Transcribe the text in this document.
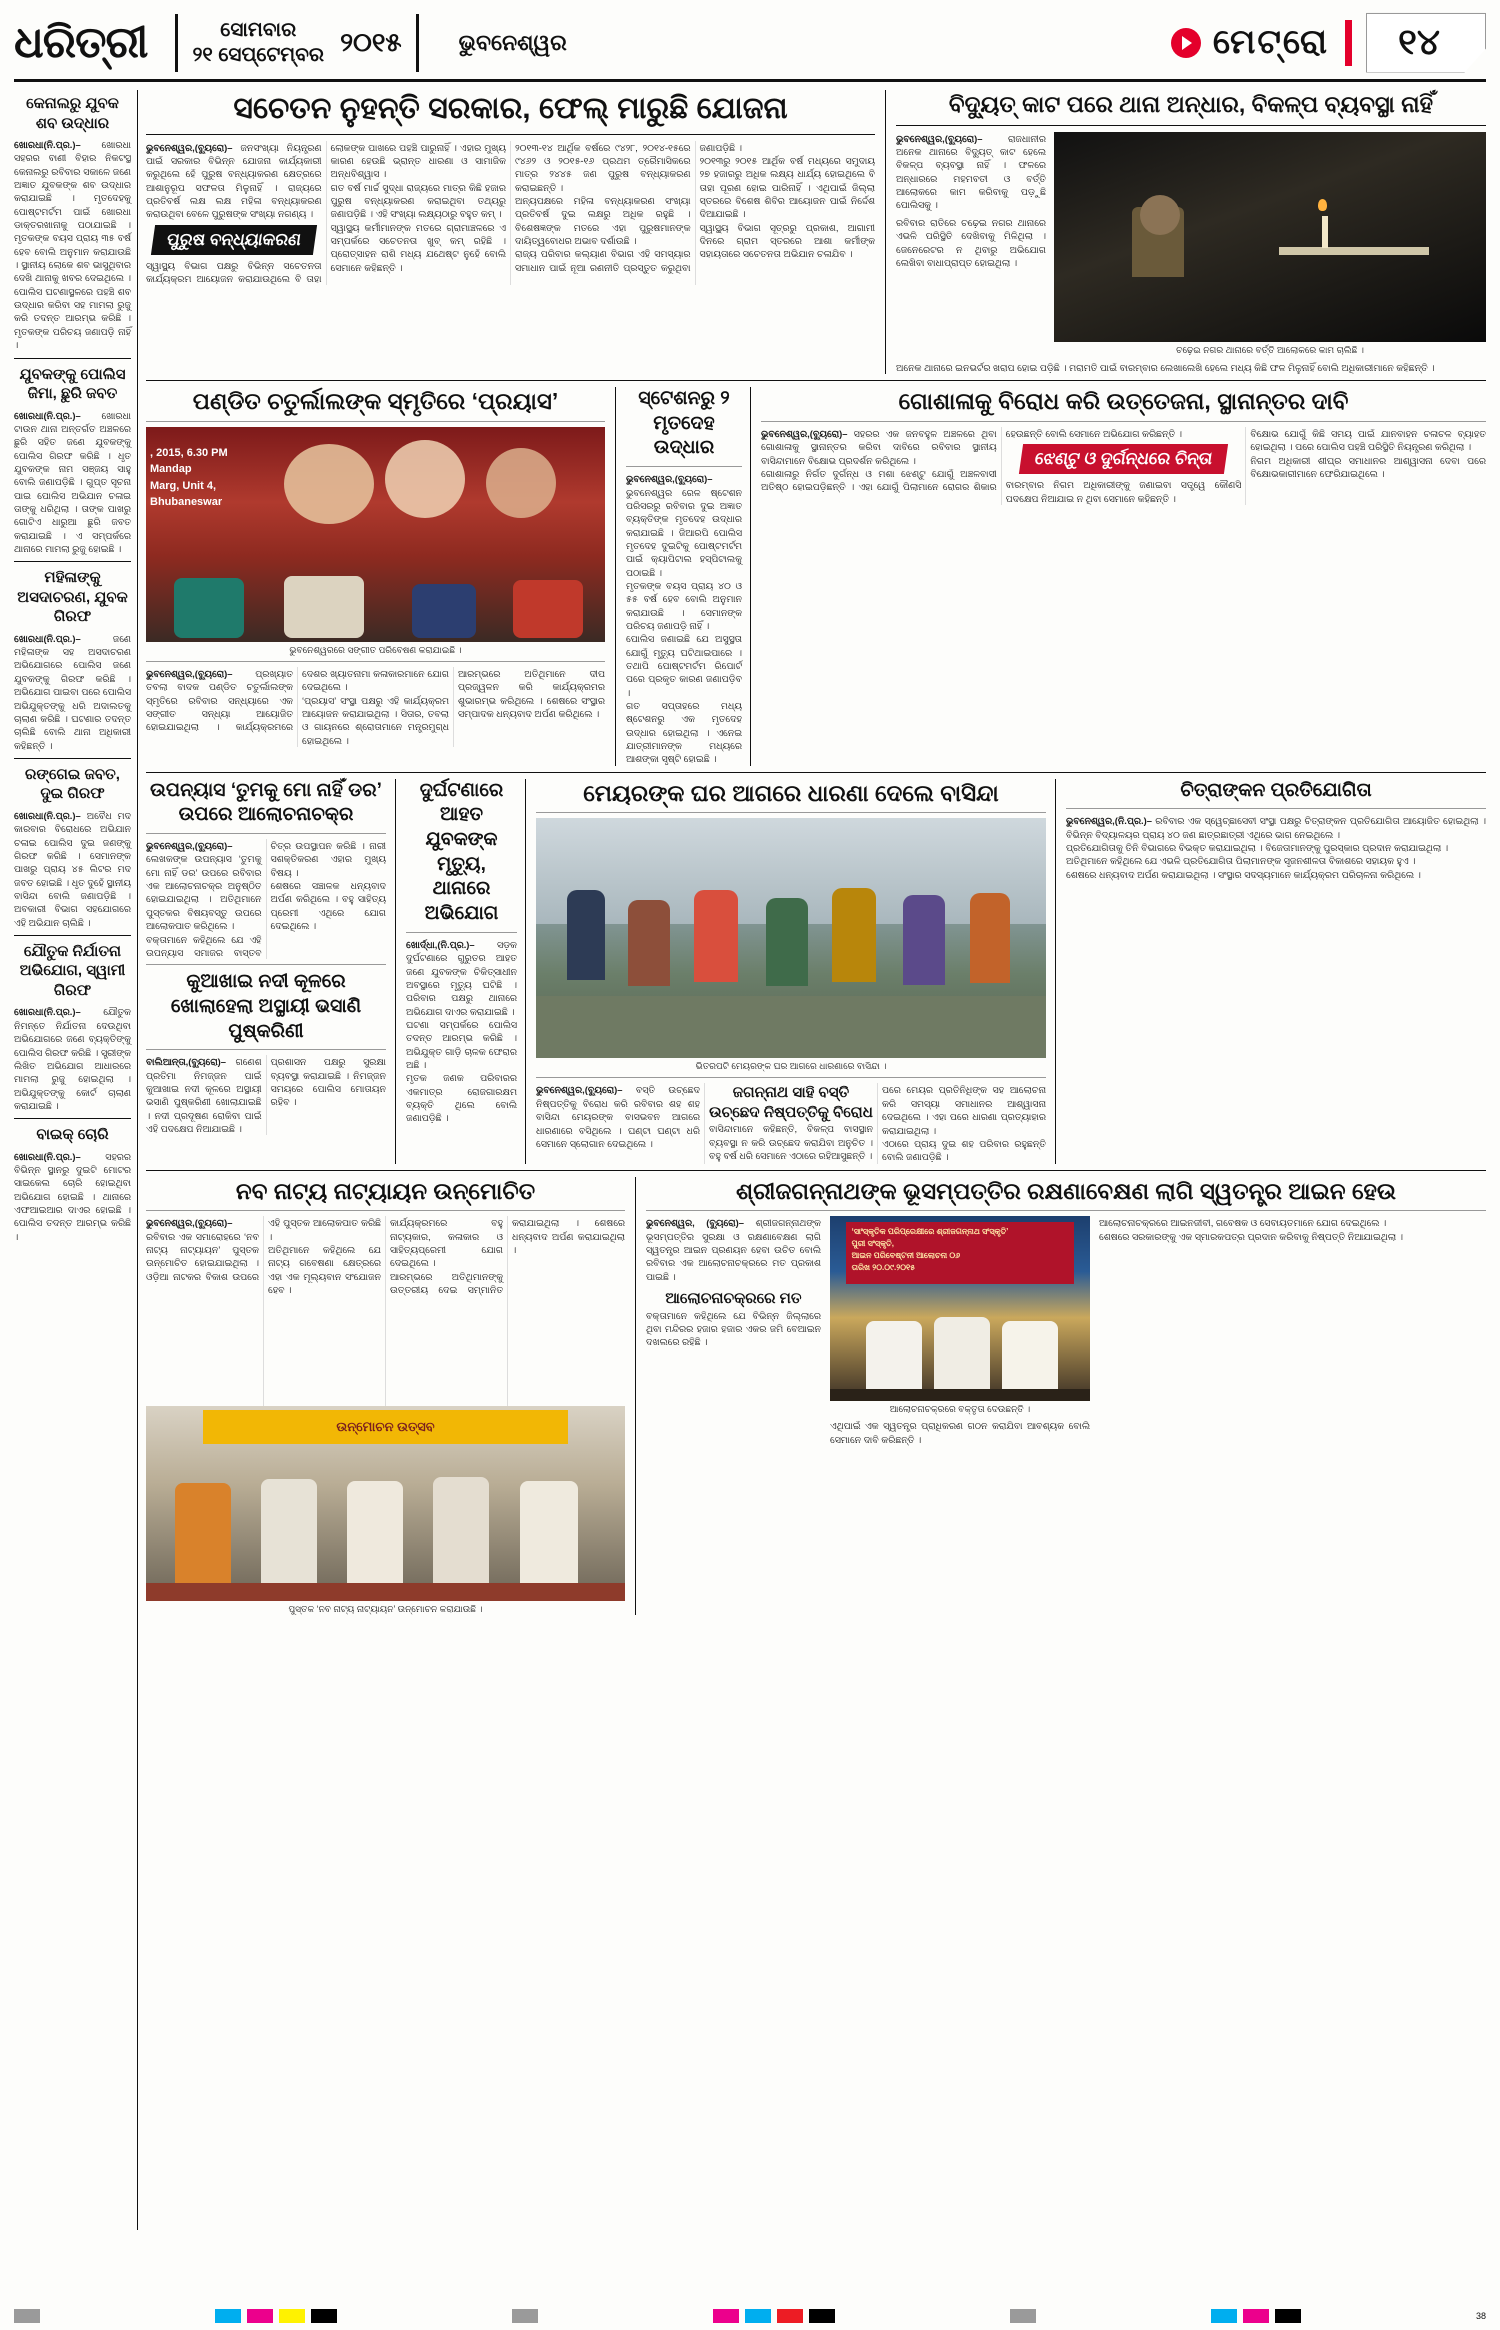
ଧରିତ୍ରୀ	ସୋମବାର
୨୧ ସେପ୍ଟେମ୍ବର ୨୦୧୫	ଭୁବନେଶ୍ୱର	ମେଟ୍ରୋ	୧୪
କେନାଲରୁ ଯୁବକ ଶବ ଉଦ୍ଧାର
ଖୋରଧା(ନି.ପ୍ର.)– ଖୋରଧା ସହରର ବାଣୀ ବିହାର ନିକଟସ୍ଥ କେନାଲରୁ ରବିବାର ସକାଳେ ଜଣେ ଅଜ୍ଞାତ ଯୁବକଙ୍କ ଶବ ଉଦ୍ଧାର କରାଯାଇଛି । ମୃତଦେହକୁ ପୋଷ୍ଟମର୍ଟମ ପାଇଁ ଖୋରଧା ଡାକ୍ତରଖାନାକୁ ପଠାଯାଇଛି । ମୃତକଙ୍କ ବୟସ ପ୍ରାୟ ୩୫ ବର୍ଷ ହେବ ବୋଲି ଅନୁମାନ କରାଯାଉଛି । ସ୍ଥାନୀୟ ଲୋକେ ଶବ ଭାସୁଥିବାର ଦେଖି ଥାନାକୁ ଖବର ଦେଇଥିଲେ । ପୋଲିସ ଘଟଣାସ୍ଥଳରେ ପହଞ୍ଚି ଶବ ଉଦ୍ଧାର କରିବା ସହ ମାମଲା ରୁଜୁ କରି ତଦନ୍ତ ଆରମ୍ଭ କରିଛି । ମୃତକଙ୍କ ପରିଚୟ ଜଣାପଡ଼ି ନାହିଁ ।
ଯୁବକଙ୍କୁ ପୋଲିସ ଜିମା, ଛୁରି ଜବତ
ଖୋରଧା(ନି.ପ୍ର.)– ଖୋରଧା ଟାଉନ ଥାନା ଅନ୍ତର୍ଗତ ଅଞ୍ଚଳରେ ଛୁରି ସହିତ ଜଣେ ଯୁବକଙ୍କୁ ପୋଲିସ ଗିରଫ କରିଛି । ଧୃତ ଯୁବକଙ୍କ ନାମ ସଞ୍ଜୟ ସାହୁ ବୋଲି ଜଣାପଡ଼ିଛି । ଗୁପ୍ତ ସୂଚନା ପାଇ ପୋଲିସ ଅଭିଯାନ ଚଳାଇ ତାଙ୍କୁ ଧରିଥିଲା । ତାଙ୍କ ପାଖରୁ ଗୋଟିଏ ଧାରୁଆ ଛୁରି ଜବତ କରାଯାଇଛି । ଏ ସମ୍ପର୍କରେ ଥାନାରେ ମାମଲା ରୁଜୁ ହୋଇଛି ।
ମହିଳାଙ୍କୁ ଅସଦାଚରଣ, ଯୁବକ ଗିରଫ
ଖୋରଧା(ନି.ପ୍ର.)–	ଜଣେ ମହିଳାଙ୍କ ସହ ଅସଦାଚରଣ ଅଭିଯୋଗରେ ପୋଲିସ ଜଣେ ଯୁବକଙ୍କୁ ଗିରଫ କରିଛି । ଅଭିଯୋଗ ପାଇବା ପରେ ପୋଲିସ ଅଭିଯୁକ୍ତଙ୍କୁ ଧରି ଅଦାଲତକୁ ଚାଲାଣ କରିଛି । ଘଟଣାର ତଦନ୍ତ ଚାଲିଛି ବୋଲି ଥାନା ଅଧିକାରୀ କହିଛନ୍ତି ।
ରଙ୍ଗେଇ ଜବତ, ଦୁଇ ଗିରଫ
ଖୋରଧା(ନି.ପ୍ର.)– ଅବୈଧ ମଦ କାରବାର ବିରୋଧରେ ଅଭିଯାନ ଚଳାଇ ପୋଲିସ ଦୁଇ ଜଣଙ୍କୁ ଗିରଫ କରିଛି । ସେମାନଙ୍କ ପାଖରୁ ପ୍ରାୟ ୪୫ ଲିଟର ମଦ ଜବତ ହୋଇଛି । ଧୃତ ଦୁହେଁ ସ୍ଥାନୀୟ ବାସିନ୍ଦା ବୋଲି ଜଣାପଡ଼ିଛି । ଅବକାରୀ ବିଭାଗ ସହଯୋଗରେ ଏହି ଅଭିଯାନ ଚାଲିଛି ।
ଯୌତୁକ ନିର୍ଯାତନା ଅଭିଯୋଗ, ସ୍ୱାମୀ ଗିରଫ
ଖୋରଧା(ନି.ପ୍ର.)– ଯୌତୁକ ନିମନ୍ତେ ନିର୍ଯାତନା ଦେଉଥିବା ଅଭିଯୋଗରେ ଜଣେ ବ୍ୟକ୍ତିଙ୍କୁ ପୋଲିସ ଗିରଫ କରିଛି । ସ୍ତ୍ରୀଙ୍କ ଲିଖିତ ଅଭିଯୋଗ ଆଧାରରେ ମାମଲା ରୁଜୁ ହୋଇଥିଲା । ଅଭିଯୁକ୍ତଙ୍କୁ କୋର୍ଟ ଚାଲାଣ କରାଯାଇଛି ।
ବାଇକ୍ ଚୋରି
ଖୋରଧା(ନି.ପ୍ର.)–	ସହରର ବିଭିନ୍ନ ସ୍ଥାନରୁ ଦୁଇଟି ମୋଟର ସାଇକେଲ ଚୋରି ହୋଇଥିବା ଅଭିଯୋଗ ହୋଇଛି । ଥାନାରେ ଏଫଆଇଆର ଦାଏର ହୋଇଛି । ପୋଲିସ ତଦନ୍ତ ଆରମ୍ଭ କରିଛି ।
ସଚେତନ ନୁହନ୍ତି ସରକାର, ଫେଲ୍ ମାରୁଛି ଯୋଜନା
ଭୁବନେଶ୍ୱର,(ବ୍ୟୁରୋ)– ଜନସଂଖ୍ୟା ନିୟନ୍ତ୍ରଣ ପାଇଁ ସରକାର ବିଭିନ୍ନ ଯୋଜନା କାର୍ଯ୍ୟକାରୀ କରୁଥିଲେ ହେଁ ପୁରୁଷ ବନ୍ଧ୍ୟାକରଣ କ୍ଷେତ୍ରରେ ଆଶାନୁରୂପ ସଫଳତା ମିଳୁନାହିଁ । ରାଜ୍ୟରେ ପ୍ରତିବର୍ଷ ଲକ୍ଷ ଲକ୍ଷ ମହିଳା ବନ୍ଧ୍ୟାକରଣ କରାଉଥିବା ବେଳେ ପୁରୁଷଙ୍କ ସଂଖ୍ୟା ନଗଣ୍ୟ ।
ପୁରୁଷ ବନ୍ଧ୍ୟାକରଣ
ସ୍ୱାସ୍ଥ୍ୟ ବିଭାଗ ପକ୍ଷରୁ ବିଭିନ୍ନ ସଚେତନତା କାର୍ଯ୍ୟକ୍ରମ ଆୟୋଜନ କରାଯାଉଥିଲେ ବି ତାହା ଲୋକଙ୍କ ପାଖରେ ପହଞ୍ଚି ପାରୁନାହିଁ । ଏହାର ମୁଖ୍ୟ କାରଣ ହେଉଛି ଭ୍ରାନ୍ତ ଧାରଣା ଓ ସାମାଜିକ ଅନ୍ଧବିଶ୍ୱାସ ।
ଗତ ବର୍ଷ ମାର୍ଚ୍ଚ ସୁଦ୍ଧା ରାଜ୍ୟରେ ମାତ୍ର କିଛି ହଜାର ପୁରୁଷ ବନ୍ଧ୍ୟାକରଣ କରାଇଥିବା ତଥ୍ୟରୁ ଜଣାପଡ଼ିଛି । ଏହି ସଂଖ୍ୟା ଲକ୍ଷ୍ୟଠାରୁ ବହୁତ କମ୍ ।
ସ୍ୱାସ୍ଥ୍ୟ କର୍ମୀମାନଙ୍କ ମତରେ ଗ୍ରାମାଞ୍ଚଳରେ ଏ ସମ୍ପର୍କରେ ସଚେତନତା ଖୁବ୍ କମ୍ ରହିଛି । ପ୍ରୋତ୍ସାହନ ରାଶି ମଧ୍ୟ ଯଥେଷ୍ଟ ନୁହେଁ ବୋଲି ସେମାନେ କହିଛନ୍ତି ।
୨୦୧୩-୧୪ ଆର୍ଥିକ ବର୍ଷରେ ୯୪୨୮, ୨୦୧୪-୧୫ରେ ୯୪୬୨ ଓ ୨୦୧୫-୧୬ ପ୍ରଥମ ତ୍ରୈମାସିକରେ ମାତ୍ର ୨୪୪୫ ଜଣ ପୁରୁଷ ବନ୍ଧ୍ୟାକରଣ କରାଇଛନ୍ତି ।
ଅନ୍ୟପକ୍ଷରେ ମହିଳା ବନ୍ଧ୍ୟାକରଣ ସଂଖ୍ୟା ପ୍ରତିବର୍ଷ ଦୁଇ ଲକ୍ଷରୁ ଅଧିକ ରହୁଛି । ବିଶେଷଜ୍ଞଙ୍କ ମତରେ ଏହା ପୁରୁଷମାନଙ୍କ ଦାୟିତ୍ୱବୋଧର ଅଭାବ ଦର୍ଶାଉଛି ।
ରାଜ୍ୟ ପରିବାର କଲ୍ୟାଣ ବିଭାଗ ଏହି ସମସ୍ୟାର ସମାଧାନ ପାଇଁ ନୂଆ ରଣନୀତି ପ୍ରସ୍ତୁତ କରୁଥିବା ଜଣାପଡ଼ିଛି ।
୨୦୧୩ରୁ ୨୦୧୫ ଆର୍ଥିକ ବର୍ଷ ମଧ୍ୟରେ ସମୁଦାୟ ୨୭ ହଜାରରୁ ଅଧିକ ଲକ୍ଷ୍ୟ ଧାର୍ଯ୍ୟ ହୋଇଥିଲେ ବି ତାହା ପୂରଣ ହୋଇ ପାରିନାହିଁ । ଏଥିପାଇଁ ଜିଲ୍ଲା ସ୍ତରରେ ବିଶେଷ ଶିବିର ଆୟୋଜନ ପାଇଁ ନିର୍ଦ୍ଦେଶ ଦିଆଯାଇଛି ।
ସ୍ୱାସ୍ଥ୍ୟ ବିଭାଗ ସୂତ୍ରରୁ ପ୍ରକାଶ, ଆଗାମୀ ଦିନରେ ଗ୍ରାମ ସ୍ତରରେ ଆଶା କର୍ମୀଙ୍କ ସହାୟତାରେ ସଚେତନତା ଅଭିଯାନ ଚଳାଯିବ ।
ବିଦ୍ୟୁତ୍ କାଟ ପରେ ଥାନା ଅନ୍ଧାର, ବିକଳ୍ପ ବ୍ୟବସ୍ଥା ନାହିଁ
ଭୁବନେଶ୍ୱର,(ବ୍ୟୁରୋ)–	ରାଜଧାନୀର ଅନେକ ଥାନାରେ ବିଦ୍ୟୁତ୍ କାଟ ହେଲେ ବିକଳ୍ପ ବ୍ୟବସ୍ଥା ନାହିଁ । ଫଳରେ ଅନ୍ଧାରରେ ମହମବତୀ ଓ ବର୍ତ୍ତି ଆଲୋକରେ କାମ କରିବାକୁ ପଡ଼ୁଛି ପୋଲିସକୁ ।
ରବିବାର ରାତିରେ ଚଢ଼େଇ ନଗର ଥାନାରେ ଏଭଳି ପରିସ୍ଥିତି ଦେଖିବାକୁ ମିଳିଥିଲା । ଜେନେରେଟର ନ ଥିବାରୁ ଅଭିଯୋଗ ଲେଖିବା ବାଧାପ୍ରାପ୍ତ ହୋଇଥିଲା ।
ଚଢ଼େଇ ନଗର ଥାନାରେ ବର୍ତ୍ତି ଆଲୋକରେ କାମ ଚାଲିଛି ।
ଅନେକ ଥାନାରେ ଇନଭର୍ଟର ଖରାପ ହୋଇ ପଡ଼ିଛି । ମରାମତି ପାଇଁ ବାରମ୍ବାର ଲେଖାଲେଖି ହେଲେ ମଧ୍ୟ କିଛି ଫଳ ମିଳୁନାହିଁ ବୋଲି ଅଧିକାରୀମାନେ କହିଛନ୍ତି ।
ପଣ୍ଡିତ ଚତୁର୍ଲାଲଙ୍କ ସ୍ମୃତିରେ ‘ପ୍ରୟାସ’
, 2015, 6.30 PM
Mandap
Marg, Unit 4,
Bhubaneswar
ଭୁବନେଶ୍ୱରରେ ସଙ୍ଗୀତ ପରିବେଷଣ କରାଯାଇଛି ।
ଭୁବନେଶ୍ୱର,(ବ୍ୟୁରୋ)– ପ୍ରଖ୍ୟାତ ତବଲା ବାଦକ ପଣ୍ଡିତ ଚତୁର୍ଲାଲଙ୍କ ସ୍ମୃତିରେ ରବିବାର ସନ୍ଧ୍ୟାରେ ଏକ ସଙ୍ଗୀତ ସନ୍ଧ୍ୟା ଆୟୋଜିତ ହୋଇଯାଇଥିଲା । କାର୍ଯ୍ୟକ୍ରମରେ ଦେଶର ଖ୍ୟାତନାମା କଳାକାରମାନେ ଯୋଗ ଦେଇଥିଲେ ।
‘ପ୍ରୟାସ’ ସଂସ୍ଥା ପକ୍ଷରୁ ଏହି କାର୍ଯ୍ୟକ୍ରମ ଆୟୋଜନ କରାଯାଇଥିଲା । ସିତାର, ତବଲା ଓ ଗାୟନରେ ଶ୍ରୋତାମାନେ ମନ୍ତ୍ରମୁଗ୍ଧ ହୋଇଥିଲେ ।
ଆରମ୍ଭରେ ଅତିଥିମାନେ ଦୀପ ପ୍ରଜ୍ୱଳନ କରି କାର୍ଯ୍ୟକ୍ରମର ଶୁଭାରମ୍ଭ କରିଥିଲେ । ଶେଷରେ ସଂସ୍ଥାର ସମ୍ପାଦକ ଧନ୍ୟବାଦ ଅର୍ପଣ କରିଥିଲେ ।
ସ୍ଟେଶନରୁ ୨ ମୃତଦେହ ଉଦ୍ଧାର
ଭୁବନେଶ୍ୱର,(ବ୍ୟୁରୋ)– ଭୁବନେଶ୍ୱର ରେଳ ଷ୍ଟେଶନ ପରିସରରୁ ରବିବାର ଦୁଇ ଅଜ୍ଞାତ ବ୍ୟକ୍ତିଙ୍କ ମୃତଦେହ ଉଦ୍ଧାର କରାଯାଇଛି । ଜିଆରପି ପୋଲିସ ମୃତଦେହ ଦୁଇଟିକୁ ପୋଷ୍ଟମର୍ଟମ ପାଇଁ କ୍ୟାପିଟାଲ ହସ୍ପିଟାଲକୁ ପଠାଇଛି ।
ମୃତକଙ୍କ ବୟସ ପ୍ରାୟ ୪୦ ଓ ୫୫ ବର୍ଷ ହେବ ବୋଲି ଅନୁମାନ କରାଯାଉଛି । ସେମାନଙ୍କ ପରିଚୟ ଜଣାପଡ଼ି ନାହିଁ ।
ପୋଲିସ ଜଣାଇଛି ଯେ ଅସୁସ୍ଥତା ଯୋଗୁଁ ମୃତ୍ୟୁ ଘଟିଥାଇପାରେ । ତଥାପି ପୋଷ୍ଟମର୍ଟମ ରିପୋର୍ଟ ପରେ ପ୍ରକୃତ କାରଣ ଜଣାପଡ଼ିବ ।
ଗତ ସପ୍ତାହରେ ମଧ୍ୟ ଷ୍ଟେଶନରୁ ଏକ ମୃତଦେହ ଉଦ୍ଧାର ହୋଇଥିଲା । ଏନେଇ ଯାତ୍ରୀମାନଙ୍କ ମଧ୍ୟରେ ଆଶଙ୍କା ସୃଷ୍ଟି ହୋଇଛି ।
ଗୋଶାଳାକୁ ବିରୋଧ କରି ଉତ୍ତେଜନା, ସ୍ଥାନାନ୍ତର ଦାବି
ଭୁବନେଶ୍ୱର,(ବ୍ୟୁରୋ)– ସହରର ଏକ ଜନବହୁଳ ଅଞ୍ଚଳରେ ଥିବା ଗୋଶାଳାକୁ ସ୍ଥାନାନ୍ତର କରିବା ଦାବିରେ ରବିବାର ସ୍ଥାନୀୟ ବାସିନ୍ଦାମାନେ ବିକ୍ଷୋଭ ପ୍ରଦର୍ଶନ କରିଥିଲେ ।
ଗୋଶାଳାରୁ ନିର୍ଗତ ଦୁର୍ଗନ୍ଧ ଓ ମଶା ଝେଣ୍ଟୁ ଯୋଗୁଁ ଅଞ୍ଚଳବାସୀ ଅତିଷ୍ଠ ହୋଇପଡ଼ିଛନ୍ତି । ଏହା ଯୋଗୁଁ ପିଲାମାନେ ରୋଗର ଶିକାର ହେଉଛନ୍ତି ବୋଲି ସେମାନେ ଅଭିଯୋଗ କରିଛନ୍ତି ।
ଝେଣ୍ଟୁ ଓ ଦୁର୍ଗନ୍ଧରେ ଚିନ୍ତା
ବାରମ୍ବାର ନିଗମ ଅଧିକାରୀଙ୍କୁ ଜଣାଇବା ସତ୍ତ୍ୱେ କୌଣସି ପଦକ୍ଷେପ ନିଆଯାଇ ନ ଥିବା ସେମାନେ କହିଛନ୍ତି ।
ବିକ୍ଷୋଭ ଯୋଗୁଁ କିଛି ସମୟ ପାଇଁ ଯାନବାହନ ଚଳାଚଳ ବ୍ୟାହତ ହୋଇଥିଲା । ପରେ ପୋଲିସ ପହଞ୍ଚି ପରିସ୍ଥିତି ନିୟନ୍ତ୍ରଣ କରିଥିଲା ।
ନିଗମ ଅଧିକାରୀ ଶୀଘ୍ର ସମାଧାନର ଆଶ୍ୱାସନା ଦେବା ପରେ ବିକ୍ଷୋଭକାରୀମାନେ ଫେରିଯାଇଥିଲେ ।
ଉପନ୍ୟାସ ‘ତୁମକୁ ମୋ ନାହିଁ ଡର’ ଉପରେ ଆଲୋଚନାଚକ୍ର
ଭୁବନେଶ୍ୱର,(ବ୍ୟୁରୋ)– ଲେଖକଙ୍କ ଉପନ୍ୟାସ ‘ତୁମକୁ ମୋ ନାହିଁ ଡର’ ଉପରେ ରବିବାର ଏକ ଆଲୋଚନାଚକ୍ର ଅନୁଷ୍ଠିତ ହୋଇଯାଇଥିଲା । ଅତିଥିମାନେ ପୁସ୍ତକର ବିଷୟବସ୍ତୁ ଉପରେ ଆଲୋକପାତ କରିଥିଲେ ।
ବକ୍ତାମାନେ କହିଥିଲେ ଯେ ଏହି ଉପନ୍ୟାସ ସମାଜର ବାସ୍ତବ ଚିତ୍ର ଉପସ୍ଥାପନ କରିଛି । ନାରୀ ସଶକ୍ତିକରଣ ଏହାର ମୁଖ୍ୟ ବିଷୟ ।
ଶେଷରେ ସଞ୍ଚାଳକ ଧନ୍ୟବାଦ ଅର୍ପଣ କରିଥିଲେ । ବହୁ ସାହିତ୍ୟ ପ୍ରେମୀ ଏଥିରେ ଯୋଗ ଦେଇଥିଲେ ।
କୁଆଖାଇ ନଦୀ କୂଳରେ ଖୋଲାହେଲା ଅସ୍ଥାୟୀ ଭସାଣି ପୁଷ୍କରିଣୀ
ବାଲିଆନ୍ତା,(ବ୍ୟୁରୋ)– ଗଣେଶ ପ୍ରତିମା ନିମଜ୍ଜନ ପାଇଁ କୁଆଖାଇ ନଦୀ କୂଳରେ ଅସ୍ଥାୟୀ ଭସାଣି ପୁଷ୍କରିଣୀ ଖୋଲାଯାଇଛି । ନଦୀ ପ୍ରଦୂଷଣ ରୋକିବା ପାଇଁ ଏହି ପଦକ୍ଷେପ ନିଆଯାଇଛି ।
ପ୍ରଶାସନ ପକ୍ଷରୁ ସୁରକ୍ଷା ବ୍ୟବସ୍ଥା କରାଯାଇଛି । ନିମଜ୍ଜନ ସମୟରେ ପୋଲିସ ମୋତାୟନ ରହିବ ।
ଦୁର୍ଘଟଣାରେ ଆହତ ଯୁବକଙ୍କ ମୃତ୍ୟୁ, ଥାନାରେ ଅଭିଯୋଗ
ଖୋର୍ଦ୍ଧା,(ନି.ପ୍ର.)– ସଡ଼କ ଦୁର୍ଘଟଣାରେ ଗୁରୁତର ଆହତ ଜଣେ ଯୁବକଙ୍କ ଚିକିତ୍ସାଧୀନ ଅବସ୍ଥାରେ ମୃତ୍ୟୁ ଘଟିଛି । ପରିବାର ପକ୍ଷରୁ ଥାନାରେ ଅଭିଯୋଗ ଦାଏର କରାଯାଇଛି ।
ଘଟଣା ସମ୍ପର୍କରେ ପୋଲିସ ତଦନ୍ତ ଆରମ୍ଭ କରିଛି । ଅଭିଯୁକ୍ତ ଗାଡ଼ି ଚାଳକ ଫେରାର ଅଛି ।
ମୃତକ ଜଣକ ପରିବାରର ଏକମାତ୍ର ରୋଜଗାରକ୍ଷମ ବ୍ୟକ୍ତି ଥିଲେ ବୋଲି ଜଣାପଡ଼ିଛି ।
ମେୟରଙ୍କ ଘର ଆଗରେ ଧାରଣା ଦେଲେ ବାସିନ୍ଦା
ଭିତରପଟି ମେୟରଙ୍କ ଘର ଆଗରେ ଧାରଣାରେ ବାସିନ୍ଦା ।
ଭୁବନେଶ୍ୱର,(ବ୍ୟୁରୋ)– ବସ୍ତି ଉଚ୍ଛେଦ ନିଷ୍ପତ୍ତିକୁ ବିରୋଧ କରି ରବିବାର ଶହ ଶହ ବାସିନ୍ଦା ମେୟରଙ୍କ ବାସଭବନ ଆଗରେ ଧାରଣାରେ ବସିଥିଲେ । ଘଣ୍ଟା ଘଣ୍ଟା ଧରି ସେମାନେ ସ୍ଲୋଗାନ ଦେଇଥିଲେ ।
ଜଗନ୍ନାଥ ସାହି ବସ୍ତି ଉଚ୍ଛେଦ ନିଷ୍ପତ୍ତିକୁ ବିରୋଧ
ବାସିନ୍ଦାମାନେ କହିଛନ୍ତି, ବିକଳ୍ପ ବାସସ୍ଥାନ ବ୍ୟବସ୍ଥା ନ କରି ଉଚ୍ଛେଦ କରାଯିବା ଅନୁଚିତ । ବହୁ ବର୍ଷ ଧରି ସେମାନେ ଏଠାରେ ରହିଆସୁଛନ୍ତି ।
ପରେ ମେୟର ପ୍ରତିନିଧିଙ୍କ ସହ ଆଲୋଚନା କରି ସମସ୍ୟା ସମାଧାନର ଆଶ୍ୱାସନା ଦେଇଥିଲେ । ଏହା ପରେ ଧାରଣା ପ୍ରତ୍ୟାହାର କରାଯାଇଥିଲା ।
ଏଠାରେ ପ୍ରାୟ ଦୁଇ ଶହ ପରିବାର ରହୁଛନ୍ତି ବୋଲି ଜଣାପଡ଼ିଛି ।
ଚିତ୍ରାଙ୍କନ ପ୍ରତିଯୋଗିତା
ଭୁବନେଶ୍ୱର,(ନି.ପ୍ର.)– ରବିବାର ଏକ ସ୍ୱେଚ୍ଛାସେବୀ ସଂସ୍ଥା ପକ୍ଷରୁ ଚିତ୍ରାଙ୍କନ ପ୍ରତିଯୋଗିତା ଆୟୋଜିତ ହୋଇଥିଲା । ବିଭିନ୍ନ ବିଦ୍ୟାଳୟର ପ୍ରାୟ ୪୦ ଜଣ ଛାତ୍ରଛାତ୍ରୀ ଏଥିରେ ଭାଗ ନେଇଥିଲେ ।
ପ୍ରତିଯୋଗିତାକୁ ତିନି ବିଭାଗରେ ବିଭକ୍ତ କରାଯାଇଥିଲା । ବିଜେତାମାନଙ୍କୁ ପୁରସ୍କାର ପ୍ରଦାନ କରାଯାଇଥିଲା ।
ଅତିଥିମାନେ କହିଥିଲେ ଯେ ଏଭଳି ପ୍ରତିଯୋଗିତା ପିଲାମାନଙ୍କ ସୃଜନଶୀଳତା ବିକାଶରେ ସହାୟକ ହୁଏ ।
ଶେଷରେ ଧନ୍ୟବାଦ ଅର୍ପଣ କରାଯାଇଥିଲା । ସଂସ୍ଥାର ସଦସ୍ୟମାନେ କାର୍ଯ୍ୟକ୍ରମ ପରିଚାଳନା କରିଥିଲେ ।
ନବ ନାଟ୍ୟ ନାଟ୍ୟାୟନ ଉନ୍ମୋଚିତ
ଭୁବନେଶ୍ୱର,(ବ୍ୟୁରୋ)– ରବିବାର ଏକ ସମାରୋହରେ ‘ନବ ନାଟ୍ୟ ନାଟ୍ୟାୟନ’ ପୁସ୍ତକ ଉନ୍ମୋଚିତ ହୋଇଯାଇଥିଲା । ଓଡ଼ିଆ ନାଟକର ବିକାଶ ଉପରେ ଏହି ପୁସ୍ତକ ଆଲୋକପାତ କରିଛି ।
ଅତିଥିମାନେ କହିଥିଲେ ଯେ ନାଟ୍ୟ ଗବେଷଣା କ୍ଷେତ୍ରରେ ଏହା ଏକ ମୂଲ୍ୟବାନ ସଂଯୋଜନ ହେବ ।
କାର୍ଯ୍ୟକ୍ରମରେ ବହୁ ନାଟ୍ୟକାର, କଳାକାର ଓ ସାହିତ୍ୟପ୍ରେମୀ ଯୋଗ ଦେଇଥିଲେ ।
ଆରମ୍ଭରେ ଅତିଥିମାନଙ୍କୁ ଉତ୍ତରୀୟ ଦେଇ ସମ୍ମାନିତ କରାଯାଇଥିଲା । ଶେଷରେ ଧନ୍ୟବାଦ ଅର୍ପଣ କରାଯାଇଥିଲା ।
ଉନ୍ମୋଚନ ଉତ୍ସବ
ପୁସ୍ତକ ‘ନବ ନାଟ୍ୟ ନାଟ୍ୟାୟନ’ ଉନ୍ମୋଚନ କରାଯାଉଛି ।
ଶ୍ରୀଜଗନ୍ନାଥଙ୍କ ଭୂସମ୍ପତ୍ତିର ରକ୍ଷଣାବେକ୍ଷଣ ଲାଗି ସ୍ୱତନ୍ତ୍ର ଆଇନ ହେଉ
ଭୁବନେଶ୍ୱର, (ବ୍ୟୁରୋ)– ଶ୍ରୀଜଗନ୍ନାଥଙ୍କ ଭୂସମ୍ପତ୍ତିର ସୁରକ୍ଷା ଓ ରକ୍ଷଣାବେକ୍ଷଣ ଲାଗି ସ୍ୱତନ୍ତ୍ର ଆଇନ ପ୍ରଣୟନ ହେବା ଉଚିତ ବୋଲି ରବିବାର ଏକ ଆଲୋଚନାଚକ୍ରରେ ମତ ପ୍ରକାଶ ପାଇଛି ।
ଆଲୋଚନାଚକ୍ରରେ ମତ
ବକ୍ତାମାନେ କହିଥିଲେ ଯେ ବିଭିନ୍ନ ଜିଲ୍ଲାରେ ଥିବା ମନ୍ଦିରର ହଜାର ହଜାର ଏକର ଜମି ବେଆଇନ ଦଖଲରେ ରହିଛି ।
‘ସାଂସ୍କୃତିକ ପରିପ୍ରେକ୍ଷୀରେ ଶ୍ରୀଜଗନ୍ନାଥ ସଂସ୍କୃତି’
ପୁରୀ ସଂସ୍କୃତି,
ଆଇନ ପରିବେଷ୍ଟନୀ ଆଲୋଚନା ୦୬
ତାରିଖ ୨୦.୦୯.୨୦୧୫
ଆଲୋଚନାଚକ୍ରରେ ବକ୍ତୃତା ଦେଉଛନ୍ତି ।
ଏଥିପାଇଁ ଏକ ସ୍ୱତନ୍ତ୍ର ପ୍ରାଧିକରଣ ଗଠନ କରାଯିବା ଆବଶ୍ୟକ ବୋଲି ସେମାନେ ଦାବି କରିଛନ୍ତି ।
ଆଲୋଚନାଚକ୍ରରେ ଆଇନଜୀବୀ, ଗବେଷକ ଓ ସେବାୟତମାନେ ଯୋଗ ଦେଇଥିଲେ ।
ଶେଷରେ ସରକାରଙ୍କୁ ଏକ ସ୍ମାରକପତ୍ର ପ୍ରଦାନ କରିବାକୁ ନିଷ୍ପତ୍ତି ନିଆଯାଇଥିଲା ।
38
